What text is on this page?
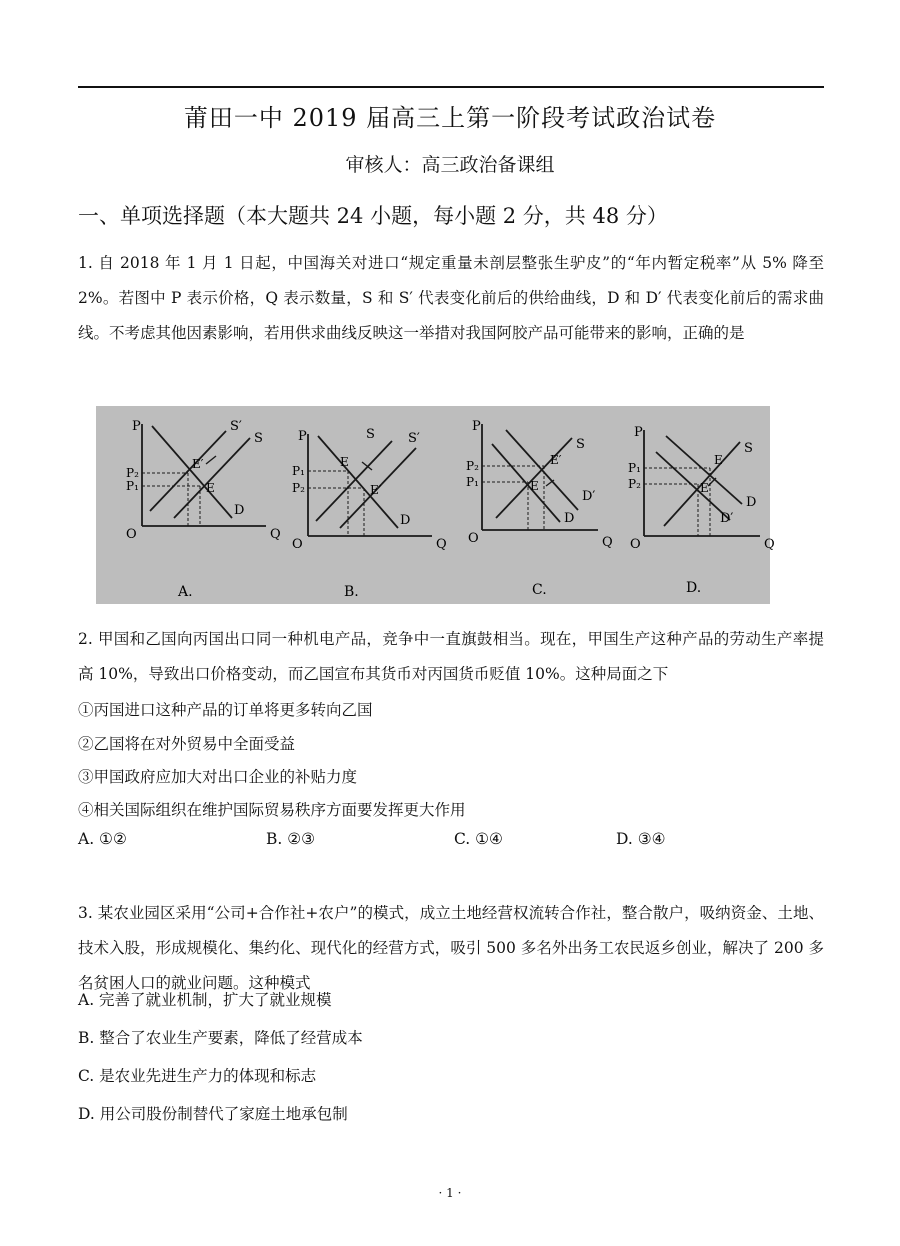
莆田一中 2019 届高三上第一阶段考试政治试卷
审核人：高三政治备课组
一、单项选择题（本大题共 24 小题，每小题 2 分，共 48 分）
1. 自 2018 年 1 月 1 日起，中国海关对进口“规定重量未剖层整张生驴皮”的“年内暂定税率”从 5% 降至 2%。若图中 P 表示价格，Q 表示数量，S 和 S′ 代表变化前后的供给曲线，D 和 D′ 代表变化前后的需求曲线。不考虑其他因素影响，若用供求曲线反映这一举措对我国阿胶产品可能带来的影响，正确的是
P
Q
O
P₂
P₁
S′
S
D
E′
E
A.
P
Q
O
P₁
P₂
S	S′
D
E
E′
B.
P
Q
O
P₂
P₁
S
D′
D
E′
E
C.
P
Q
O
P₁
P₂
S
D
D′
E
E′
D.
2. 甲国和乙国向丙国出口同一种机电产品，竞争中一直旗鼓相当。现在，甲国生产这种产品的劳动生产率提高 10%，导致出口价格变动，而乙国宣布其货币对丙国货币贬值 10%。这种局面之下
①丙国进口这种产品的订单将更多转向乙国
②乙国将在对外贸易中全面受益
③甲国政府应加大对出口企业的补贴力度
④相关国际组织在维护国际贸易秩序方面要发挥更大作用
A. ①②	B. ②③	C. ①④	D. ③④
3. 某农业园区采用“公司+合作社+农户”的模式，成立土地经营权流转合作社，整合散户，吸纳资金、土地、技术入股，形成规模化、集约化、现代化的经营方式，吸引 500 多名外出务工农民返乡创业，解决了 200 多名贫困人口的就业问题。这种模式
A. 完善了就业机制，扩大了就业规模
B. 整合了农业生产要素，降低了经营成本
C. 是农业先进生产力的体现和标志
D. 用公司股份制替代了家庭土地承包制
· 1 ·
